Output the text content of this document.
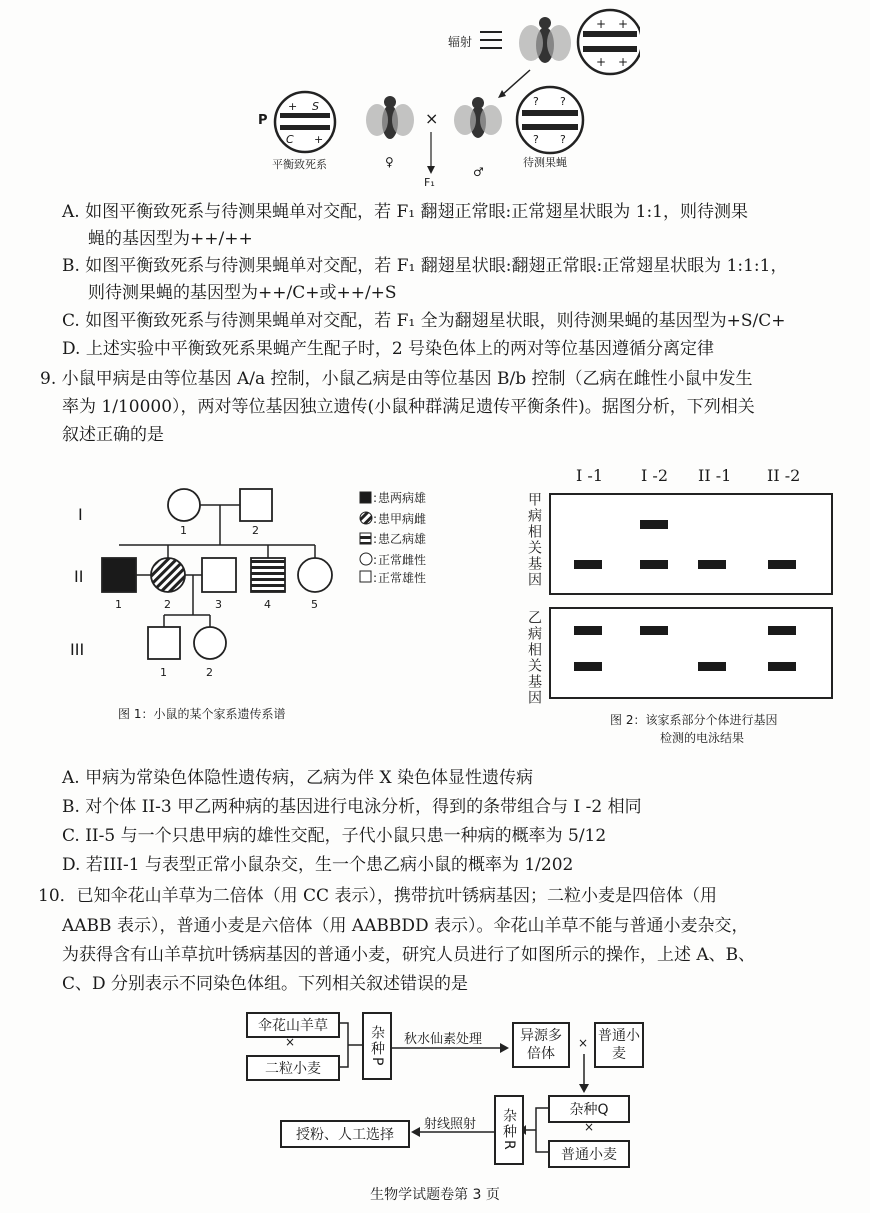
辐射
+ +
+ +
P
+ S
C +
平衡致死系	♀
×
F₁
♂
? ?
? ?
待测果蝇
A. 如图平衡致死系与待测果蝇单对交配，若 F₁ 翻翅正常眼:正常翅星状眼为 1:1，则待测果
蝇的基因型为++/++
B. 如图平衡致死系与待测果蝇单对交配，若 F₁ 翻翅星状眼:翻翅正常眼:正常翅星状眼为 1:1:1，
则待测果蝇的基因型为++/C+或++/+S
C. 如图平衡致死系与待测果蝇单对交配，若 F₁ 全为翻翅星状眼，则待测果蝇的基因型为+S/C+
D. 上述实验中平衡致死系果蝇产生配子时，2 号染色体上的两对等位基因遵循分离定律
9. 小鼠甲病是由等位基因 A/a 控制，小鼠乙病是由等位基因 B/b 控制（乙病在雌性小鼠中发生
率为 1/10000），两对等位基因独立遗传(小鼠种群满足遗传平衡条件)。据图分析，下列相关
叙述正确的是
I
II
III
1	2
1	2	3	4	5
1	2
: 患两病雄
: 患甲病雌
: 患乙病雄
: 正常雌性
: 正常雄性
图 1：小鼠的某个家系遗传系谱
I -1 I -2 II -1 II -2
甲病相关基因
乙病相关基因
图 2：该家系部分个体进行基因
检测的电泳结果
A. 甲病为常染色体隐性遗传病，乙病为伴 X 染色体显性遗传病
B. 对个体 II-3 甲乙两种病的基因进行电泳分析，得到的条带组合与 I -2 相同
C. II-5 与一个只患甲病的雄性交配，子代小鼠只患一种病的概率为 5/12
D. 若III-1 与表型正常小鼠杂交，生一个患乙病小鼠的概率为 1/202
10．已知伞花山羊草为二倍体（用 CC 表示），携带抗叶锈病基因；二粒小麦是四倍体（用
AABB 表示），普通小麦是六倍体（用 AABBDD 表示）。伞花山羊草不能与普通小麦杂交，
为获得含有山羊草抗叶锈病基因的普通小麦，研究人员进行了如图所示的操作，上述 A、B、
C、D 分别表示不同染色体组。下列相关叙述错误的是
伞花山羊草
×
二粒小麦
杂种P	秋水仙素处理	异源多倍体
× 普通小麦
杂种Q
×
普通小麦
杂种R
射线照射
授粉、人工选择
生物学试题卷第 3 页
